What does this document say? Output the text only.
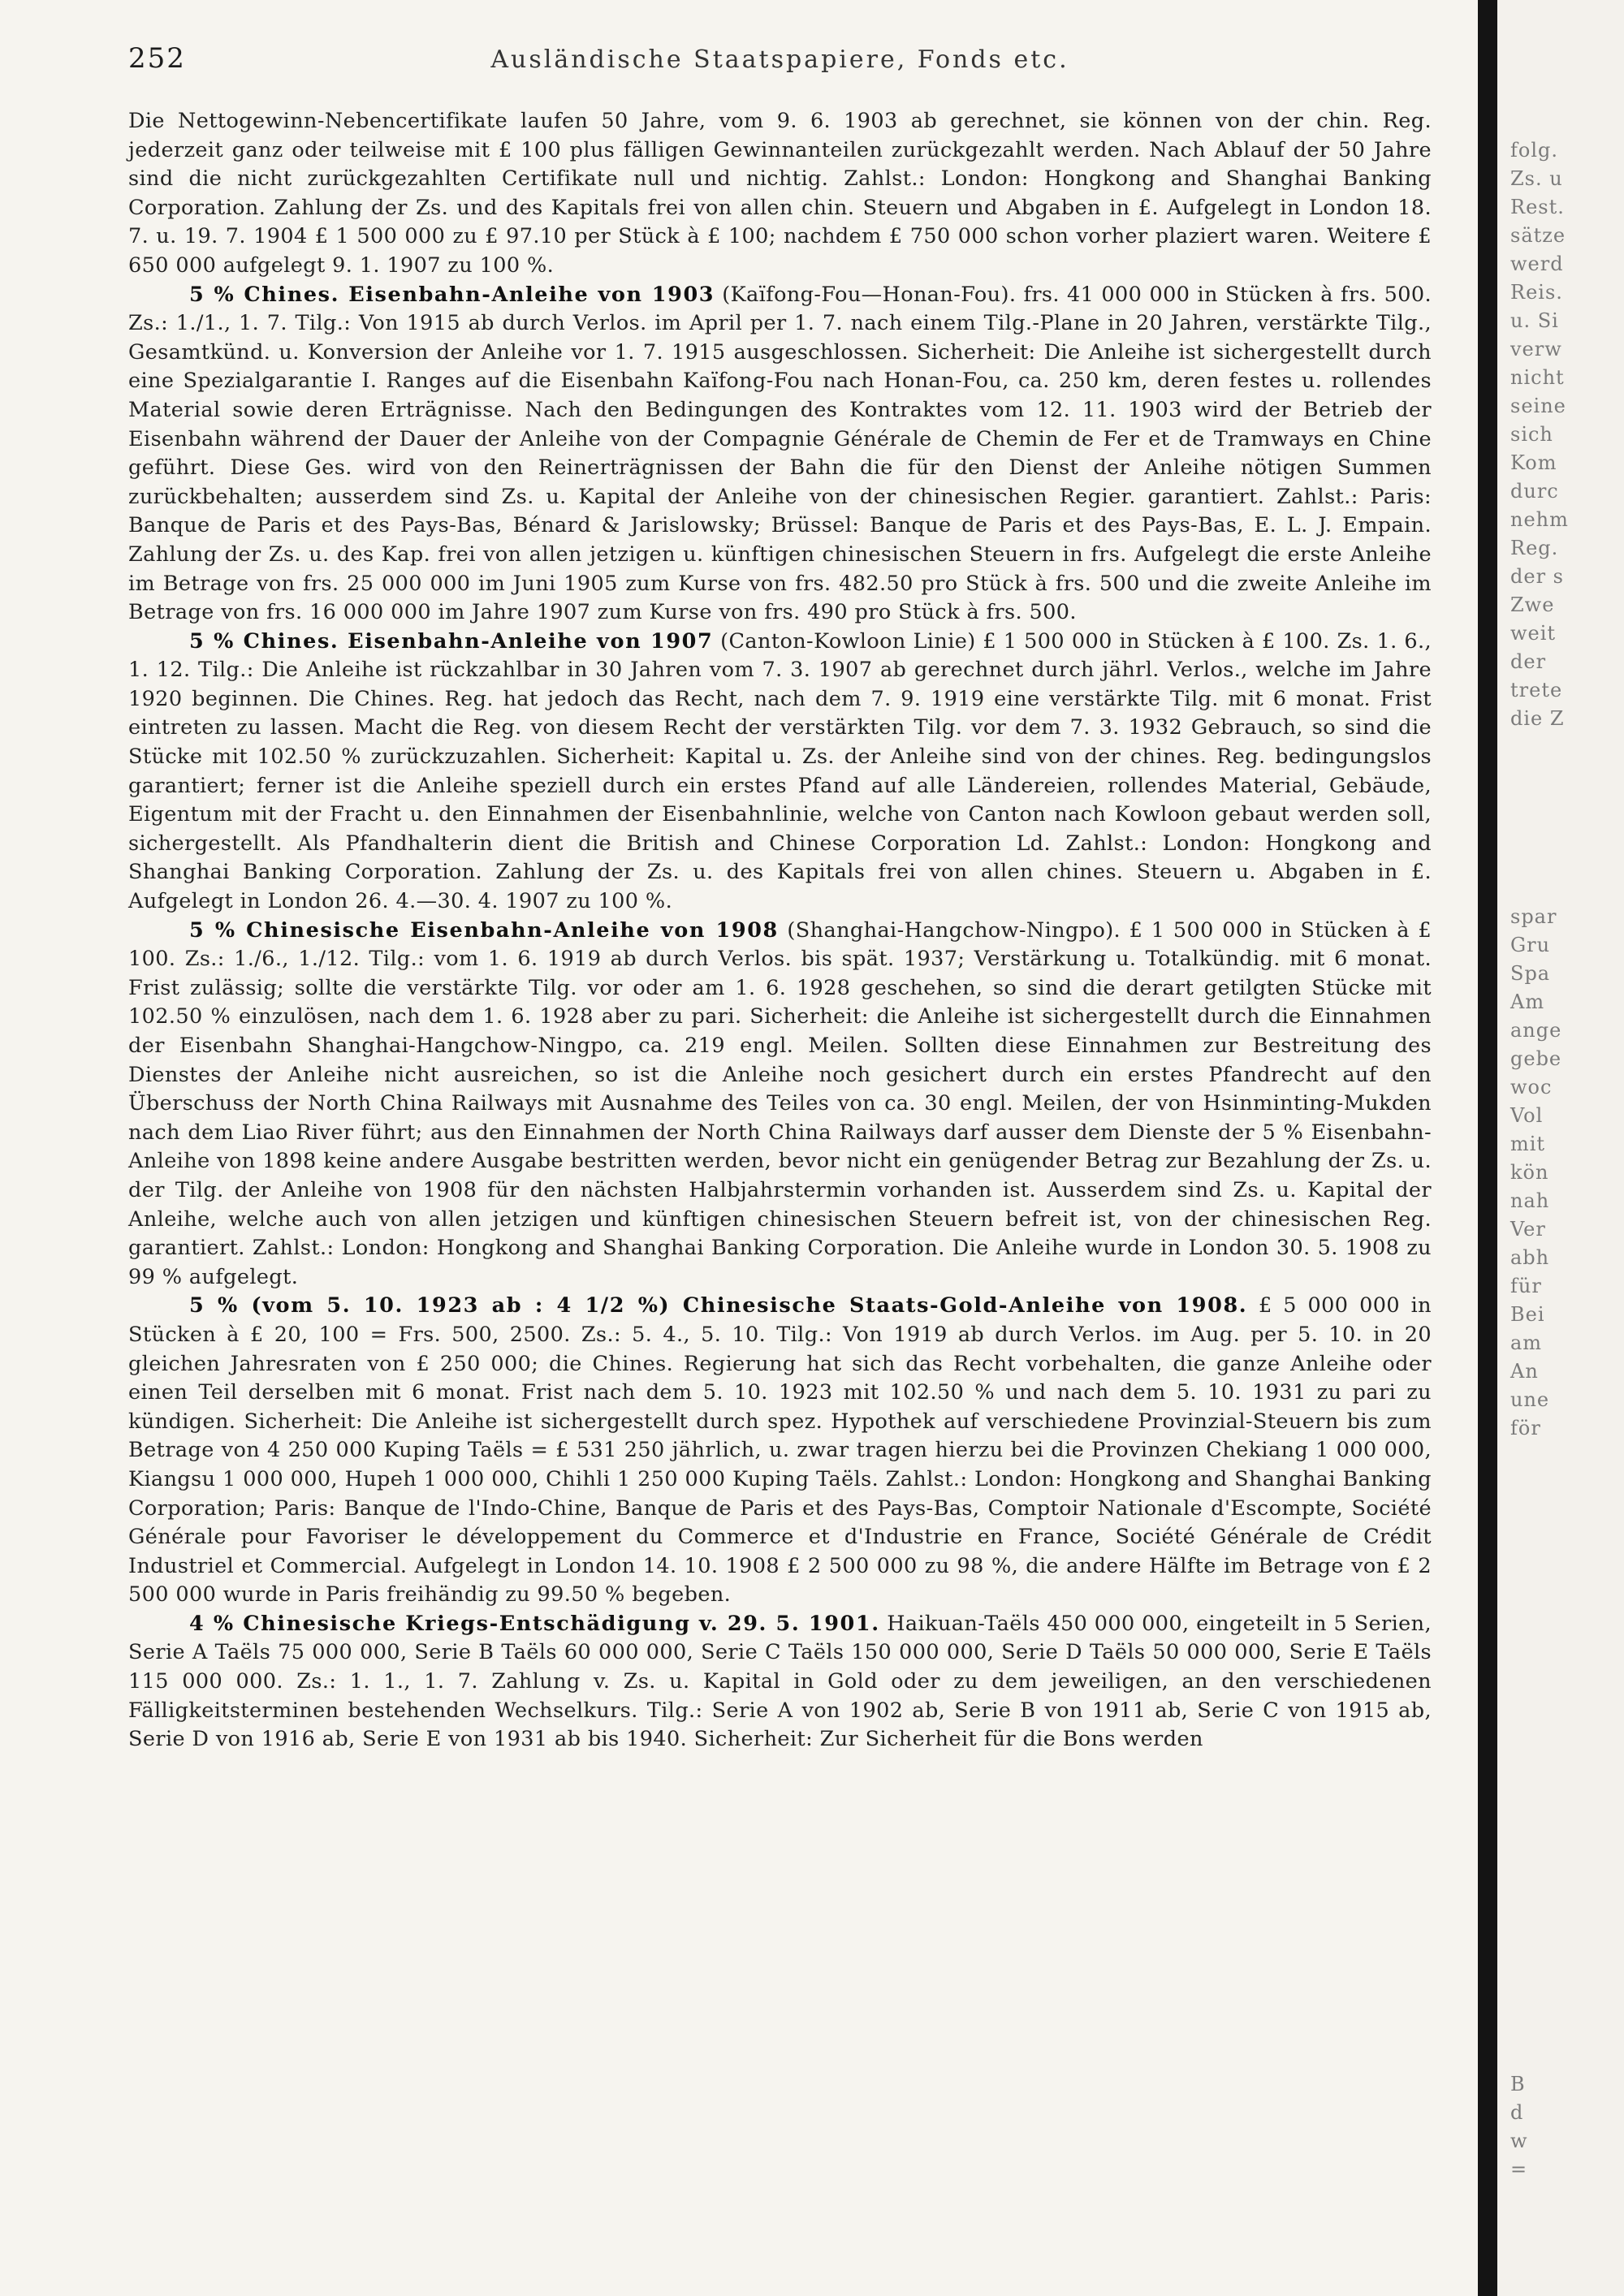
252	Ausländische Staatspapiere, Fonds etc.

Die Nettogewinn-Nebencertifikate laufen 50 Jahre, vom 9. 6. 1903 ab gerechnet, sie können von der chin. Reg. jederzeit ganz oder teilweise mit £ 100 plus fälligen Gewinnanteilen zurückgezahlt werden. Nach Ablauf der 50 Jahre sind die nicht zurückgezahlten Certifikate null und nichtig. Zahlst.: London: Hongkong and Shanghai Banking Corporation. Zahlung der Zs. und des Kapitals frei von allen chin. Steuern und Abgaben in £. Aufgelegt in London 18. 7. u. 19. 7. 1904 £ 1 500 000 zu £ 97.10 per Stück à £ 100; nachdem £ 750 000 schon vorher plaziert waren. Weitere £ 650 000 aufgelegt 9. 1. 1907 zu 100 %.

5 % Chines. Eisenbahn-Anleihe von 1903 (Kaïfong-Fou—Honan-Fou). frs. 41 000 000 in Stücken à frs. 500. Zs.: 1./1., 1. 7. Tilg.: Von 1915 ab durch Verlos. im April per 1. 7. nach einem Tilg.-Plane in 20 Jahren, verstärkte Tilg., Gesamtkünd. u. Konversion der Anleihe vor 1. 7. 1915 ausgeschlossen. Sicherheit: Die Anleihe ist sichergestellt durch eine Spezialgarantie I. Ranges auf die Eisenbahn Kaïfong-Fou nach Honan-Fou, ca. 250 km, deren festes u. rollendes Material sowie deren Erträgnisse. Nach den Bedingungen des Kontraktes vom 12. 11. 1903 wird der Betrieb der Eisenbahn während der Dauer der Anleihe von der Compagnie Générale de Chemin de Fer et de Tramways en Chine geführt. Diese Ges. wird von den Reinerträgnissen der Bahn die für den Dienst der Anleihe nötigen Summen zurückbehalten; ausserdem sind Zs. u. Kapital der Anleihe von der chinesischen Regier. garantiert. Zahlst.: Paris: Banque de Paris et des Pays-Bas, Bénard & Jarislowsky; Brüssel: Banque de Paris et des Pays-Bas, E. L. J. Empain. Zahlung der Zs. u. des Kap. frei von allen jetzigen u. künftigen chinesischen Steuern in frs. Aufgelegt die erste Anleihe im Betrage von frs. 25 000 000 im Juni 1905 zum Kurse von frs. 482.50 pro Stück à frs. 500 und die zweite Anleihe im Betrage von frs. 16 000 000 im Jahre 1907 zum Kurse von frs. 490 pro Stück à frs. 500.

5 % Chines. Eisenbahn-Anleihe von 1907 (Canton-Kowloon Linie) £ 1 500 000 in Stücken à £ 100. Zs. 1. 6., 1. 12. Tilg.: Die Anleihe ist rückzahlbar in 30 Jahren vom 7. 3. 1907 ab gerechnet durch jährl. Verlos., welche im Jahre 1920 beginnen. Die Chines. Reg. hat jedoch das Recht, nach dem 7. 9. 1919 eine verstärkte Tilg. mit 6 monat. Frist eintreten zu lassen. Macht die Reg. von diesem Recht der verstärkten Tilg. vor dem 7. 3. 1932 Gebrauch, so sind die Stücke mit 102.50 % zurückzuzahlen. Sicherheit: Kapital u. Zs. der Anleihe sind von der chines. Reg. bedingungslos garantiert; ferner ist die Anleihe speziell durch ein erstes Pfand auf alle Ländereien, rollendes Material, Gebäude, Eigentum mit der Fracht u. den Einnahmen der Eisenbahnlinie, welche von Canton nach Kowloon gebaut werden soll, sichergestellt. Als Pfandhalterin dient die British and Chinese Corporation Ld. Zahlst.: London: Hongkong and Shanghai Banking Corporation. Zahlung der Zs. u. des Kapitals frei von allen chines. Steuern u. Abgaben in £. Aufgelegt in London 26. 4.—30. 4. 1907 zu 100 %.

5 % Chinesische Eisenbahn-Anleihe von 1908 (Shanghai-Hangchow-Ningpo). £ 1 500 000 in Stücken à £ 100. Zs.: 1./6., 1./12. Tilg.: vom 1. 6. 1919 ab durch Verlos. bis spät. 1937; Verstärkung u. Totalkündig. mit 6 monat. Frist zulässig; sollte die verstärkte Tilg. vor oder am 1. 6. 1928 geschehen, so sind die derart getilgten Stücke mit 102.50 % einzulösen, nach dem 1. 6. 1928 aber zu pari. Sicherheit: die Anleihe ist sichergestellt durch die Einnahmen der Eisenbahn Shanghai-Hangchow-Ningpo, ca. 219 engl. Meilen. Sollten diese Einnahmen zur Bestreitung des Dienstes der Anleihe nicht ausreichen, so ist die Anleihe noch gesichert durch ein erstes Pfandrecht auf den Überschuss der North China Railways mit Ausnahme des Teiles von ca. 30 engl. Meilen, der von Hsinminting-Mukden nach dem Liao River führt; aus den Einnahmen der North China Railways darf ausser dem Dienste der 5 % Eisenbahn-Anleihe von 1898 keine andere Ausgabe bestritten werden, bevor nicht ein genügender Betrag zur Bezahlung der Zs. u. der Tilg. der Anleihe von 1908 für den nächsten Halbjahrstermin vorhanden ist. Ausserdem sind Zs. u. Kapital der Anleihe, welche auch von allen jetzigen und künftigen chinesischen Steuern befreit ist, von der chinesischen Reg. garantiert. Zahlst.: London: Hongkong and Shanghai Banking Corporation. Die Anleihe wurde in London 30. 5. 1908 zu 99 % aufgelegt.

5 % (vom 5. 10. 1923 ab : 4 1/2 %) Chinesische Staats-Gold-Anleihe von 1908. £ 5 000 000 in Stücken à £ 20, 100 = Frs. 500, 2500. Zs.: 5. 4., 5. 10. Tilg.: Von 1919 ab durch Verlos. im Aug. per 5. 10. in 20 gleichen Jahresraten von £ 250 000; die Chines. Regierung hat sich das Recht vorbehalten, die ganze Anleihe oder einen Teil derselben mit 6 monat. Frist nach dem 5. 10. 1923 mit 102.50 % und nach dem 5. 10. 1931 zu pari zu kündigen. Sicherheit: Die Anleihe ist sichergestellt durch spez. Hypothek auf verschiedene Provinzial-Steuern bis zum Betrage von 4 250 000 Kuping Taëls = £ 531 250 jährlich, u. zwar tragen hierzu bei die Provinzen Chekiang 1 000 000, Kiangsu 1 000 000, Hupeh 1 000 000, Chihli 1 250 000 Kuping Taëls. Zahlst.: London: Hongkong and Shanghai Banking Corporation; Paris: Banque de l'Indo-Chine, Banque de Paris et des Pays-Bas, Comptoir Nationale d'Escompte, Société Générale pour Favoriser le développement du Commerce et d'Industrie en France, Société Générale de Crédit Industriel et Commercial. Aufgelegt in London 14. 10. 1908 £ 2 500 000 zu 98 %, die andere Hälfte im Betrage von £ 2 500 000 wurde in Paris freihändig zu 99.50 % begeben.

4 % Chinesische Kriegs-Entschädigung v. 29. 5. 1901. Haikuan-Taëls 450 000 000, eingeteilt in 5 Serien, Serie A Taëls 75 000 000, Serie B Taëls 60 000 000, Serie C Taëls 150 000 000, Serie D Taëls 50 000 000, Serie E Taëls 115 000 000. Zs.: 1. 1., 1. 7. Zahlung v. Zs. u. Kapital in Gold oder zu dem jeweiligen, an den verschiedenen Fälligkeitsterminen bestehenden Wechselkurs. Tilg.: Serie A von 1902 ab, Serie B von 1911 ab, Serie C von 1915 ab, Serie D von 1916 ab, Serie E von 1931 ab bis 1940. Sicherheit: Zur Sicherheit für die Bons werden

folg.
Zs. u
Rest.
sätze
werd
Reis.
u. Si
verw
nicht
seine
sich
Kom
durc
nehm
Reg.
der s
Zwe
weit
der
trete
die Z
spar
Gru
Spa
Am
ange
gebe
woc
Vol
mit
kön
nah
Ver
abh
für
Bei
am
An
une
för
B
d
w
=
